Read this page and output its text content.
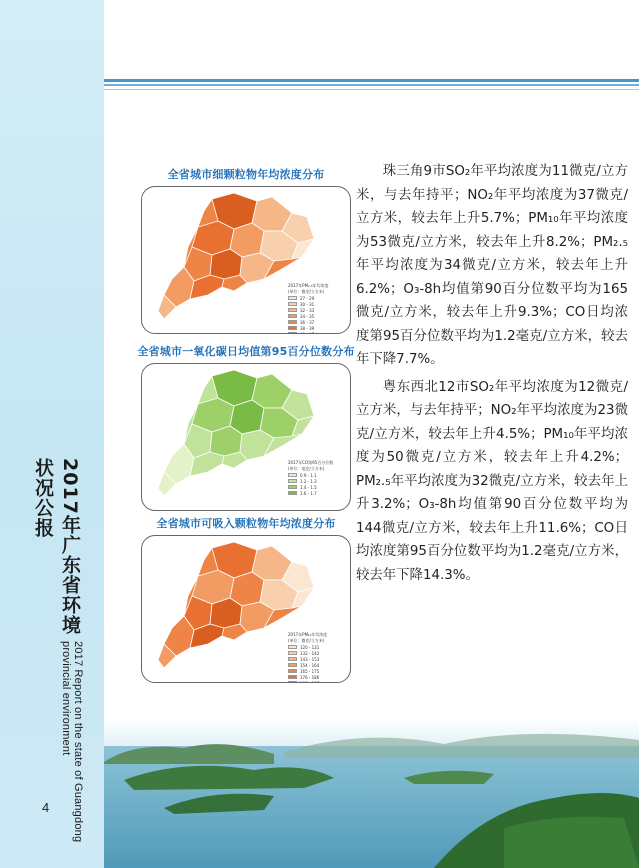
2017年广东省环境状况公报
2017 Report on the state of Guangdong provincial environment
4
全省城市细颗粒物年均浓度分布
2017年PM₂.₅年均浓度
(单位：微克/立方米)
27 - 29
30 - 31
32 - 33
34 - 35
36 - 37
38 - 39
40 - 47
全省城市一氧化碳日均值第95百分位数分布
2017年CO第95百分位数
(单位：毫克/立方米)
0.9 - 1.1
1.2 - 1.3
1.4 - 1.5
1.6 - 1.7
全省城市可吸入颗粒物年均浓度分布
2017年PM₁₀年均浓度
(单位：微克/立方米)
120 - 131
132 - 142
143 - 153
154 - 164
165 - 175
176 - 186
187 - 197

珠三角9市SO₂年平均浓度为11微克/立方米，与去年持平；NO₂年平均浓度为37微克/立方米，较去年上升5.7%；PM₁₀年平均浓度为53微克/立方米，较去年上升8.2%；PM₂.₅年平均浓度为34微克/立方米，较去年上升6.2%；O₃-8h均值第90百分位数平均为165微克/立方米，较去年上升9.3%；CO日均浓度第95百分位数平均为1.2毫克/立方米，较去年下降7.7%。

粤东西北12市SO₂年平均浓度为12微克/立方米，与去年持平；NO₂年平均浓度为23微克/立方米，较去年上升4.5%；PM₁₀年平均浓度为50微克/立方米，较去年上升4.2%；PM₂.₅年平均浓度为32微克/立方米，较去年上升3.2%；O₃-8h均值第90百分位数平均为144微克/立方米，较去年上升11.6%；CO日均浓度第95百分位数平均为1.2毫克/立方米，较去年下降14.3%。
